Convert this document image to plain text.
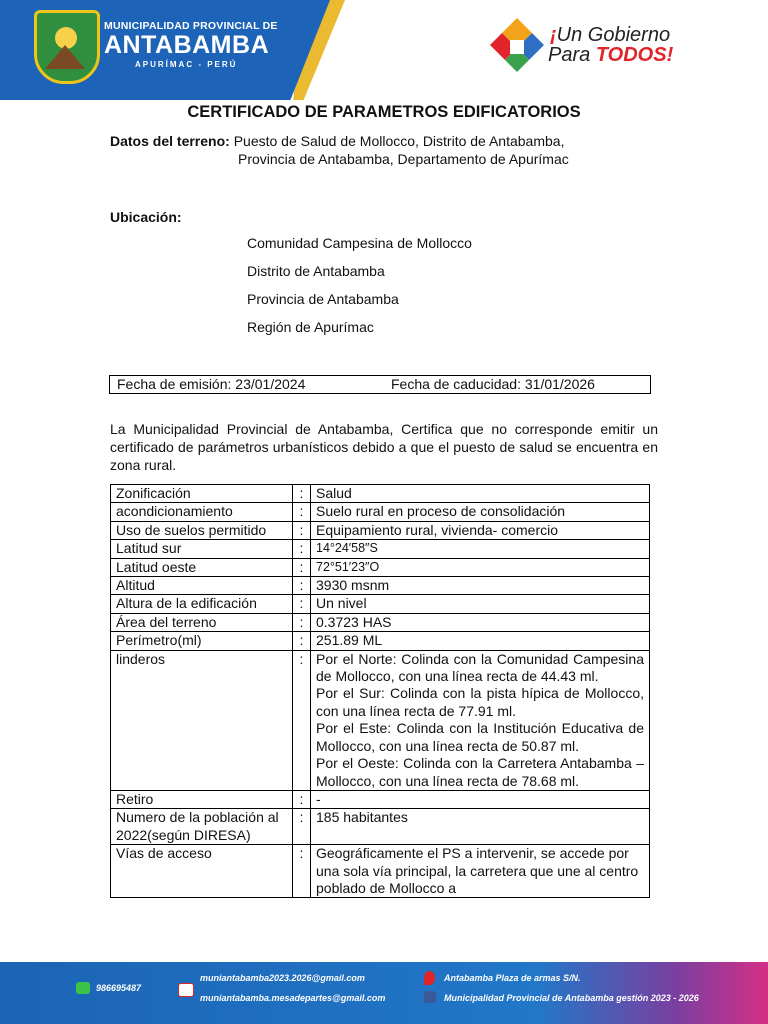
MUNICIPALIDAD PROVINCIAL DE
ANTABAMBA
APURÍMAC - PERÚ
¡Un Gobierno
Para TODOS!
CERTIFICADO DE PARAMETROS EDIFICATORIOS
Datos del terreno: Puesto de Salud de Mollocco, Distrito de Antabamba,
Provincia de Antabamba, Departamento de Apurímac
Ubicación:
Comunidad Campesina de Mollocco
Distrito de Antabamba
Provincia de Antabamba
Región de Apurímac
Fecha de emisión: 23/01/2024	Fecha de caducidad: 31/01/2026
La Municipalidad Provincial de Antabamba, Certifica que no corresponde emitir un certificado de parámetros urbanísticos debido a que el puesto de salud se encuentra en zona rural.
Zonificación	:	Salud
acondicionamiento	:	Suelo rural en proceso de consolidación
Uso de suelos permitido	:	Equipamiento rural, vivienda- comercio
Latitud sur	:	14°24′58″S
Latitud oeste	:	72°51′23″O
Altitud	:	3930 msnm
Altura de la edificación	:	Un nivel
Área del terreno	:	0.3723 HAS
Perímetro(ml)	:	251.89 ML
linderos	:	Por el Norte: Colinda con la Comunidad Campesina de Mollocco, con una línea recta de 44.43 ml.
Por el Sur: Colinda con la pista hípica de Mollocco, con una línea recta de 77.91 ml.
Por el Este: Colinda con la Institución Educativa de Mollocco, con una línea recta de 50.87 ml.
Por el Oeste: Colinda con la Carretera Antabamba – Mollocco, con una línea recta de 78.68 ml.

Retiro	:	-
Numero de la población al 2022(según DIRESA)	:	185 habitantes
Vías de acceso	:	Geográficamente el PS a intervenir, se accede por una sola vía principal, la carretera que une al centro poblado de Mollocco a
986695487
muniantabamba2023.2026@gmail.com
muniantabamba.mesadepartes@gmail.com
Antabamba Plaza de armas S/N.
Municipalidad Provincial de Antabamba gestión 2023 - 2026
